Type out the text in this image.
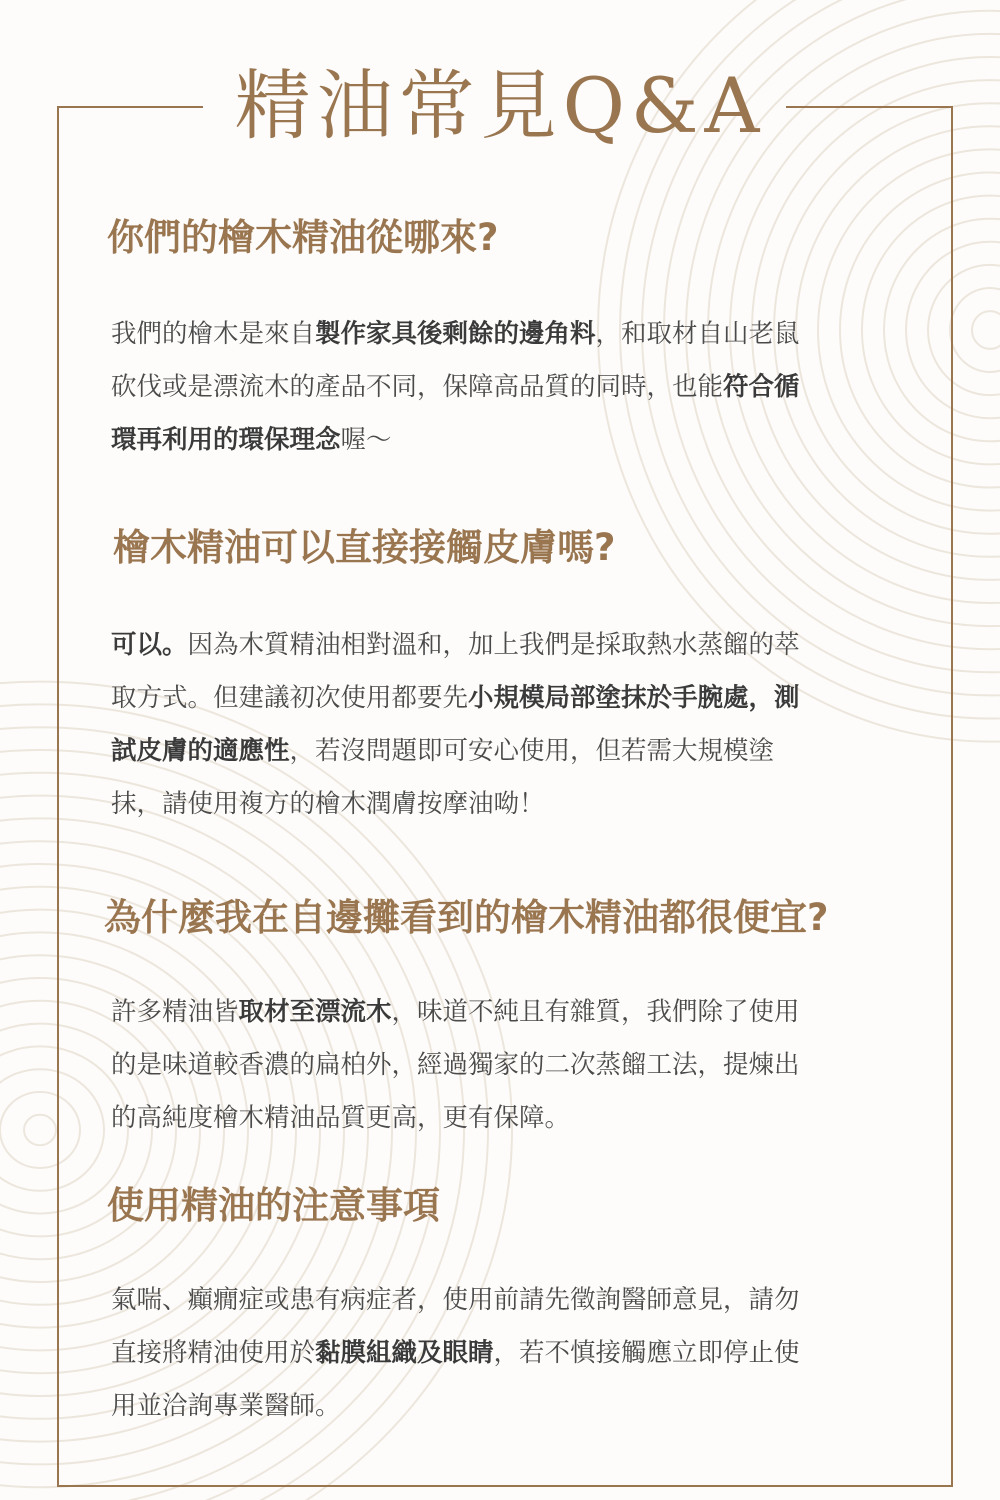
精油常見Q&A
你們的檜木精油從哪來?

我們的檜木是來自製作家具後剩餘的邊角料，和取材自山老鼠

砍伐或是漂流木的產品不同，保障高品質的同時，也能符合循

環再利用的環保理念喔～

檜木精油可以直接接觸皮膚嗎?

可以。因為木質精油相對溫和，加上我們是採取熱水蒸餾的萃

取方式。但建議初次使用都要先小規模局部塗抹於手腕處，測

試皮膚的適應性，若沒問題即可安心使用，但若需大規模塗

抹，請使用複方的檜木潤膚按摩油呦！

為什麼我在自邊攤看到的檜木精油都很便宜?

許多精油皆取材至漂流木，味道不純且有雜質，我們除了使用

的是味道較香濃的扁柏外，經過獨家的二次蒸餾工法，提煉出

的高純度檜木精油品質更高，更有保障。

使用精油的注意事項

氣喘、癲癇症或患有病症者，使用前請先徵詢醫師意見，請勿

直接將精油使用於黏膜組織及眼睛，若不慎接觸應立即停止使

用並洽詢專業醫師。
